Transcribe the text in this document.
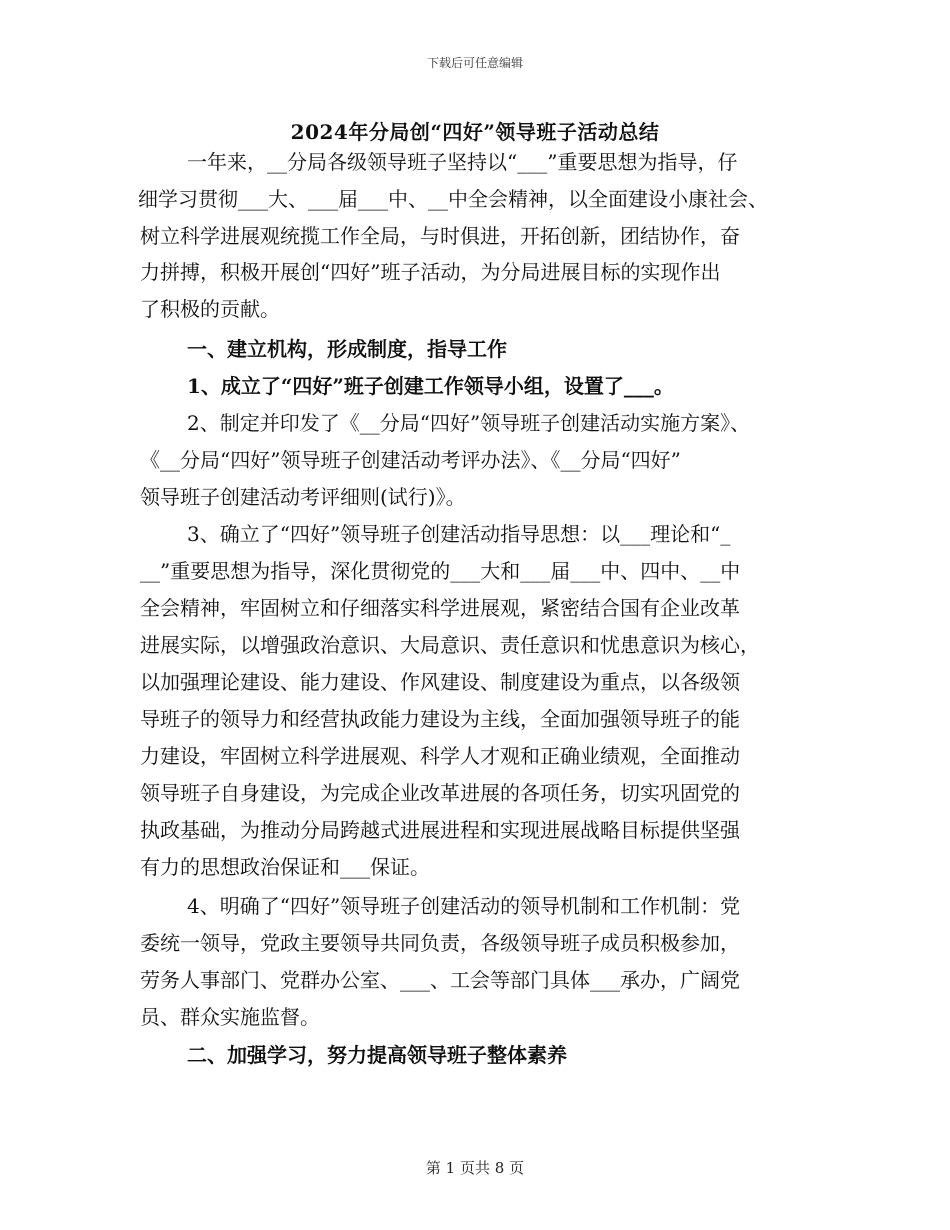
下载后可任意编辑
2024年分局创“四好”领导班子活动总结
一年来，__分局各级领导班子坚持以“___”重要思想为指导，仔
细学习贯彻___大、___届___中、__中全会精神，以全面建设小康社会、
树立科学进展观统揽工作全局，与时俱进，开拓创新，团结协作，奋
力拼搏，积极开展创“四好”班子活动，为分局进展目标的实现作出
了积极的贡献。
一、建立机构，形成制度，指导工作
1、成立了“四好”班子创建工作领导小组，设置了___。
2、制定并印发了《__分局“四好”领导班子创建活动实施方案》、
《__分局“四好”领导班子创建活动考评办法》、《__分局“四好”
领导班子创建活动考评细则(试行)》。
3、确立了“四好”领导班子创建活动指导思想：以___理论和“_
__”重要思想为指导，深化贯彻党的___大和___届___中、四中、__中
全会精神，牢固树立和仔细落实科学进展观，紧密结合国有企业改革
进展实际，以增强政治意识、大局意识、责任意识和忧患意识为核心，
以加强理论建设、能力建设、作风建设、制度建设为重点，以各级领
导班子的领导力和经营执政能力建设为主线，全面加强领导班子的能
力建设，牢固树立科学进展观、科学人才观和正确业绩观，全面推动
领导班子自身建设，为完成企业改革进展的各项任务，切实巩固党的
执政基础，为推动分局跨越式进展进程和实现进展战略目标提供坚强
有力的思想政治保证和___保证。
4、明确了“四好”领导班子创建活动的领导机制和工作机制：党
委统一领导，党政主要领导共同负责，各级领导班子成员积极参加，
劳务人事部门、党群办公室、___、工会等部门具体___承办，广阔党
员、群众实施监督。
二、加强学习，努力提高领导班子整体素养
第 1 页共 8 页
